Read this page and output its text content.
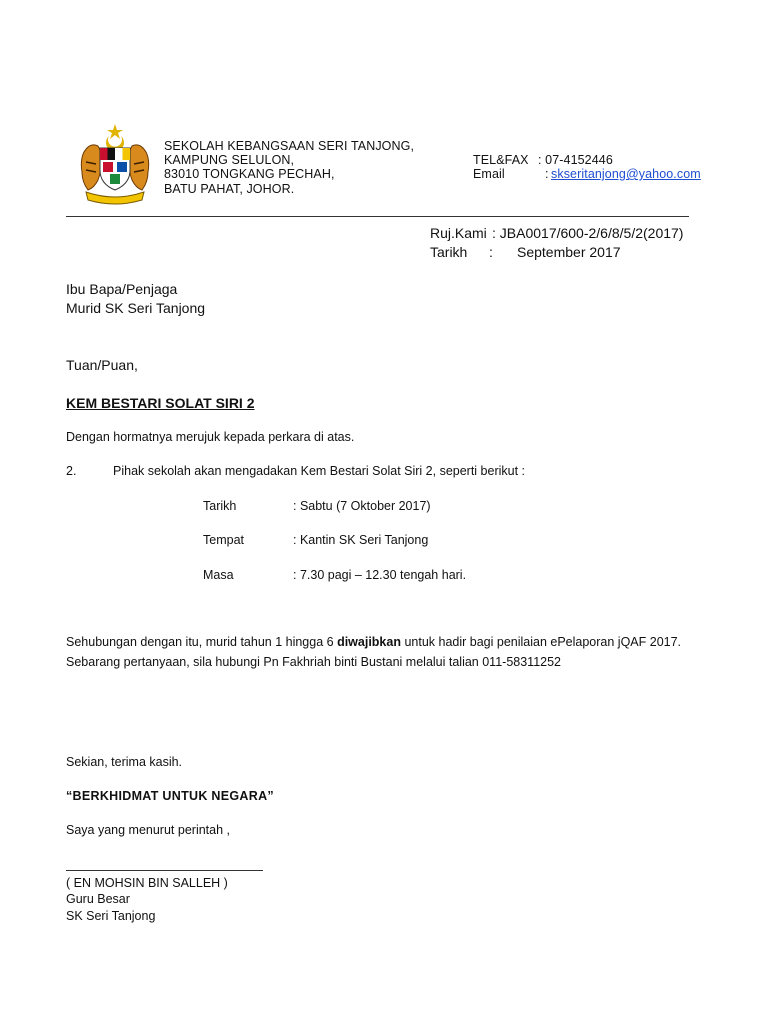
SEKOLAH KEBANGSAAN SERI TANJONG,
KAMPUNG SELULON,
83010 TONGKANG PECHAH,
BATU PAHAT, JOHOR.
TEL&FAX : 07-4152446
Email	: skseritanjong@yahoo.com
Ruj.Kami : JBA0017/600-2/6/8/5/2(2017)
Tarikh : September 2017
Ibu Bapa/Penjaga
Murid SK Seri Tanjong
Tuan/Puan,
KEM BESTARI SOLAT SIRI 2
Dengan hormatnya merujuk kepada perkara di atas.
2.	Pihak sekolah akan mengadakan Kem Bestari Solat Siri 2, seperti berikut :
Tarikh	: Sabtu (7 Oktober 2017)
Tempat	: Kantin SK Seri Tanjong
Masa	: 7.30 pagi – 12.30 tengah hari.
Sehubungan dengan itu, murid tahun 1 hingga 6 diwajibkan untuk hadir bagi penilaian ePelaporan jQAF 2017.
Sebarang pertanyaan, sila hubungi Pn Fakhriah binti Bustani melalui talian 011-58311252
Sekian, terima kasih.
“BERKHIDMAT UNTUK NEGARA”
Saya yang menurut perintah ,
( EN MOHSIN BIN SALLEH )
Guru Besar
SK Seri Tanjong
